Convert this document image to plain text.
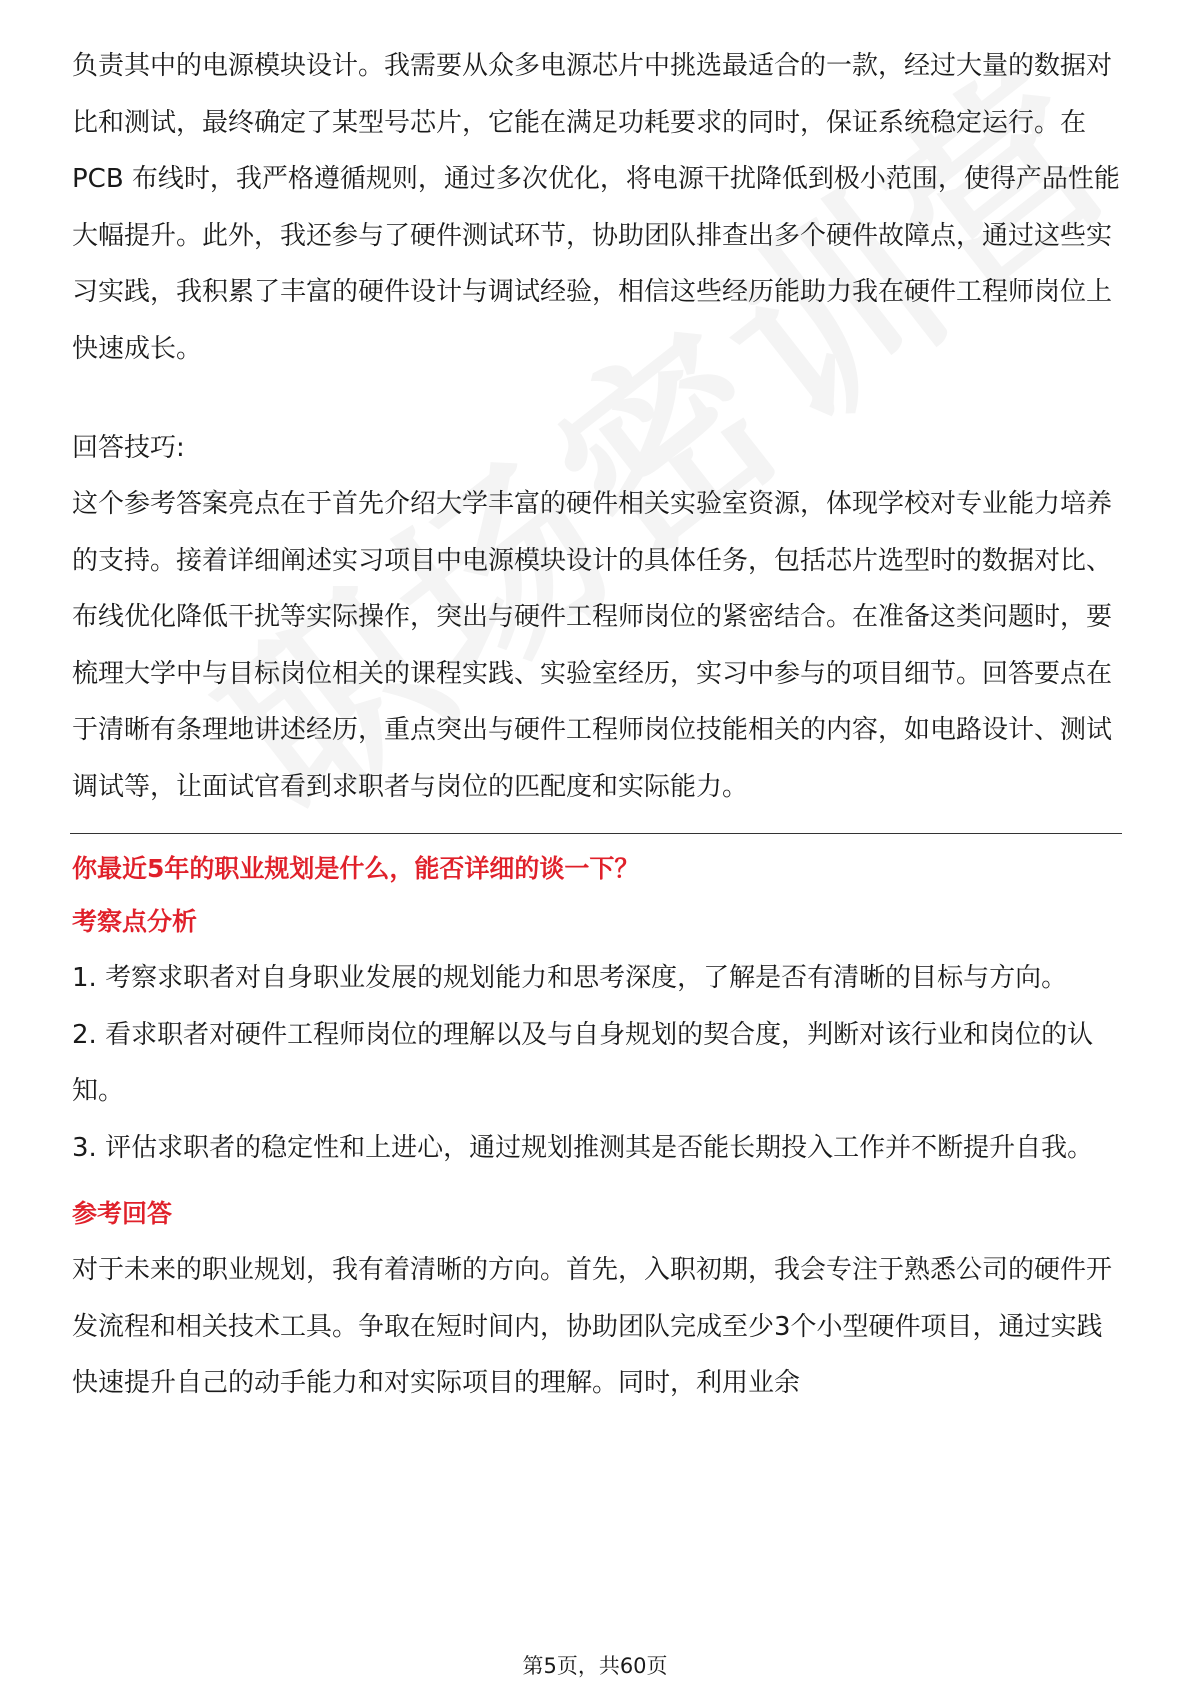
负责其中的电源模块设计。我需要从众多电源芯片中挑选最适合的一款，经过大量的数据对比和测试，最终确定了某型号芯片，它能在满足功耗要求的同时，保证系统稳定运行。在 PCB 布线时，我严格遵循规则，通过多次优化，将电源干扰降低到极小范围，使得产品性能大幅提升。此外，我还参与了硬件测试环节，协助团队排查出多个硬件故障点，通过这些实习实践，我积累了丰富的硬件设计与调试经验，相信这些经历能助力我在硬件工程师岗位上快速成长。

回答技巧:

这个参考答案亮点在于首先介绍大学丰富的硬件相关实验室资源，体现学校对专业能力培养的支持。接着详细阐述实习项目中电源模块设计的具体任务，包括芯片选型时的数据对比、布线优化降低干扰等实际操作，突出与硬件工程师岗位的紧密结合。在准备这类问题时，要梳理大学中与目标岗位相关的课程实践、实验室经历，实习中参与的项目细节。回答要点在于清晰有条理地讲述经历，重点突出与硬件工程师岗位技能相关的内容，如电路设计、测试调试等，让面试官看到求职者与岗位的匹配度和实际能力。

你最近5年的职业规划是什么，能否详细的谈一下？

考察点分析

1. 考察求职者对自身职业发展的规划能力和思考深度，了解是否有清晰的目标与方向。

2. 看求职者对硬件工程师岗位的理解以及与自身规划的契合度，判断对该行业和岗位的认知。

3. 评估求职者的稳定性和上进心，通过规划推测其是否能长期投入工作并不断提升自我。

参考回答

对于未来的职业规划，我有着清晰的方向。首先，入职初期，我会专注于熟悉公司的硬件开发流程和相关技术工具。争取在短时间内，协助团队完成至少3个小型硬件项目，通过实践快速提升自己的动手能力和对实际项目的理解。同时，利用业余

第5页，共60页
